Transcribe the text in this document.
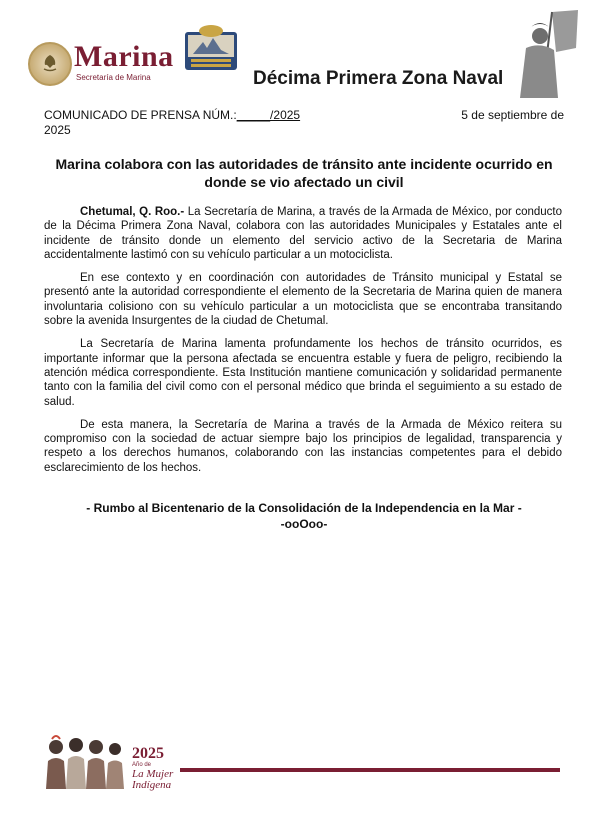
Marina
Secretaría de Marina	Décima Primera Zona Naval
COMUNICADO DE PRENSA NÚM.:_____/2025	5 de septiembre de
2025
Marina colabora con las autoridades de tránsito ante incidente ocurrido en donde se vio afectado un civil

Chetumal, Q. Roo.- La Secretaría de Marina, a través de la Armada de México, por conducto de la Décima Primera Zona Naval, colabora con las autoridades Municipales y Estatales ante el incidente de tránsito donde un elemento del servicio activo de la Secretaria de Marina accidentalmente lastimó con su vehículo particular a un motociclista.

En ese contexto y en coordinación con autoridades de Tránsito municipal y Estatal se presentó ante la autoridad correspondiente el elemento de la Secretaria de Marina quien de manera involuntaria colisiono con su vehículo particular a un motociclista que se encontraba transitando sobre la avenida Insurgentes de la ciudad de Chetumal.

La Secretaría de Marina lamenta profundamente los hechos de tránsito ocurridos, es importante informar que la persona afectada se encuentra estable y fuera de peligro, recibiendo la atención médica correspondiente. Esta Institución mantiene comunicación y solidaridad permanente tanto con la familia del civil como con el personal médico que brinda el seguimiento a su estado de salud.

De esta manera, la Secretaría de Marina a través de la Armada de México reitera su compromiso con la sociedad de actuar siempre bajo los principios de legalidad, transparencia y respeto a los derechos humanos, colaborando con las instancias competentes para el debido esclarecimiento de los hechos.

- Rumbo al Bicentenario de la Consolidación de la Independencia en la Mar -
-ooOoo-
2025
Año de
La Mujer
Indígena
